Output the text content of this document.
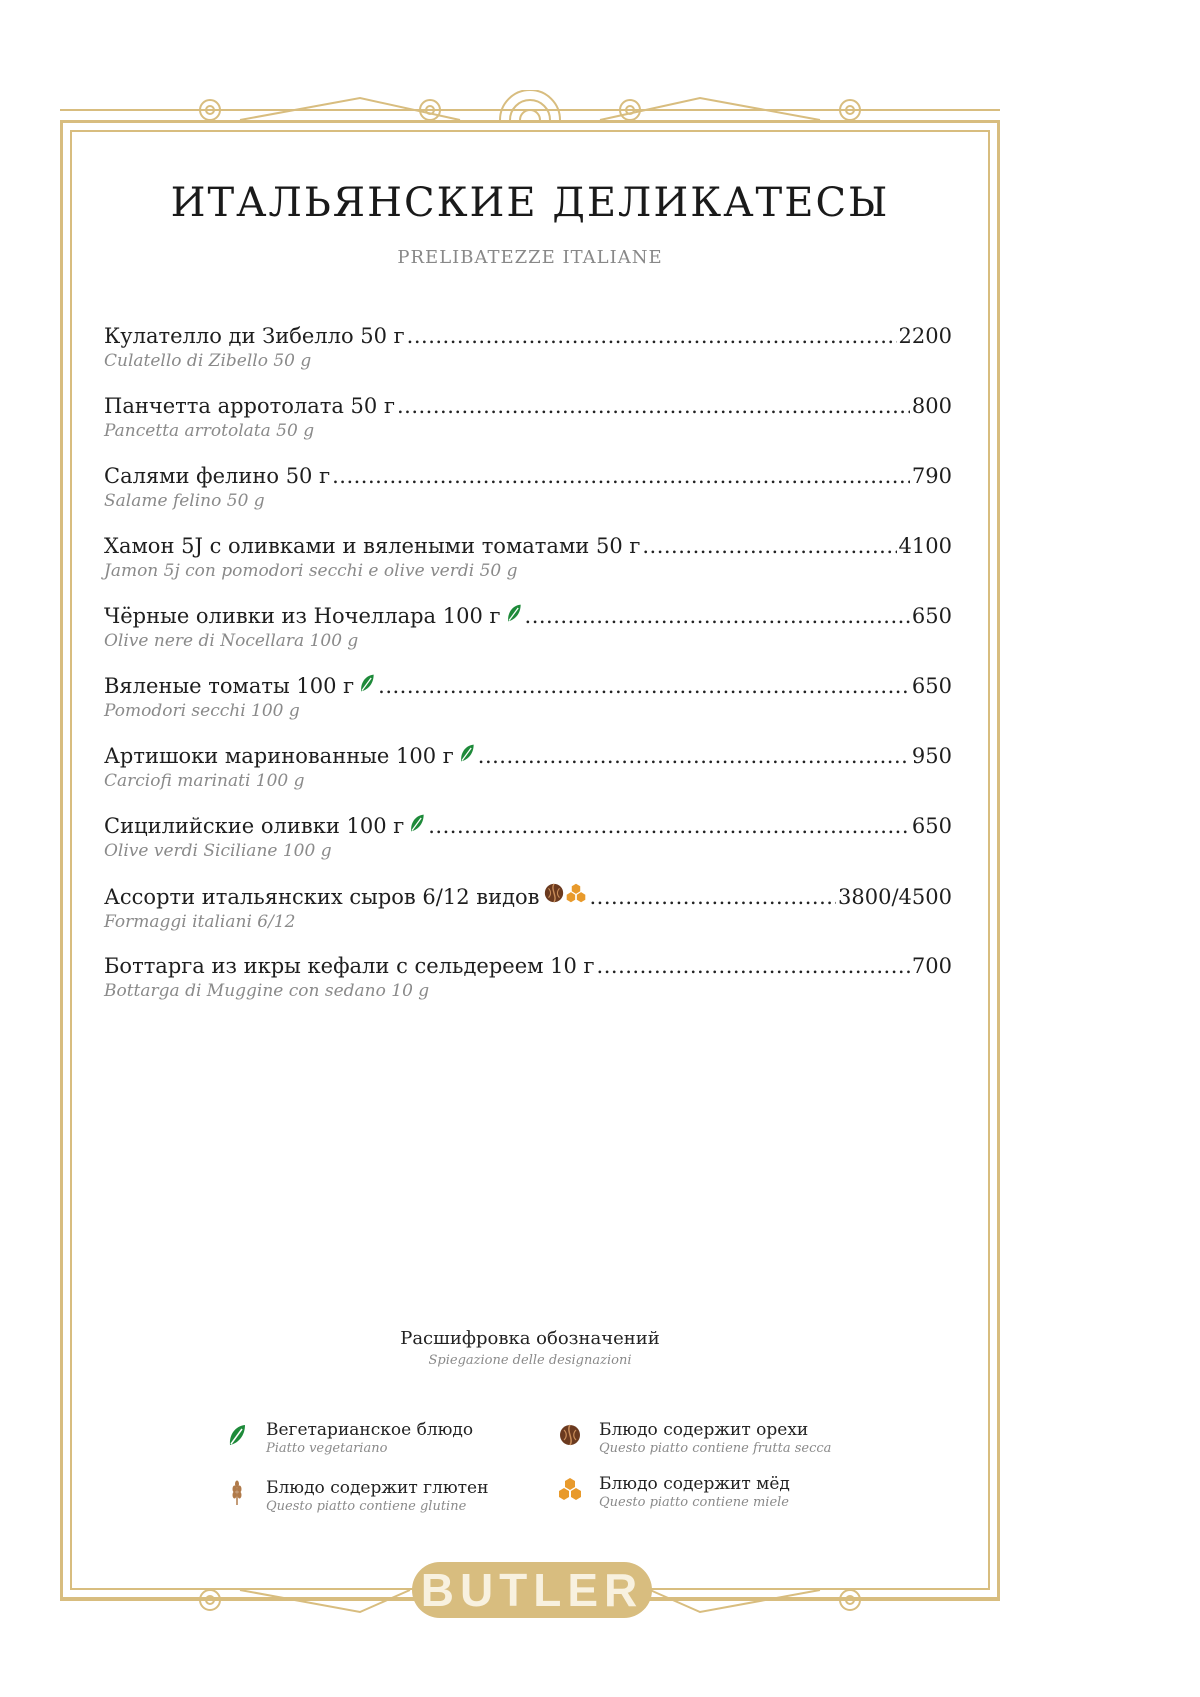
ИТАЛЬЯНСКИЕ ДЕЛИКАТЕСЫ
PRELIBATEZZE ITALIANE
Кулателло ди Зибелло 50 г .....	2200
Culatello di Zibello 50 g
Панчетта арротолата 50 г .....	800
Pancetta arrotolata 50 g
Салями фелино 50 г .....	790
Salame felino 50 g
Хамон 5J с оливками и вялеными томатами 50 г .....	4100
Jamon 5j con pomodori secchi e olive verdi 50 g
Чёрные оливки из Ночеллара 100 г .....	650
Olive nere di Nocellara 100 g
Вяленые томаты 100 г .....	650
Pomodori secchi 100 g
Артишоки маринованные 100 г .....	950
Carciofi marinati 100 g
Сицилийские оливки 100 г .....	650
Olive verdi Siciliane 100 g
Ассорти итальянских сыров 6/12 видов .....	3800/4500
Formaggi italiani 6/12
Боттарга из икры кефали с сельдереем 10 г .....	700
Bottarga di Muggine con sedano 10 g
Расшифровка обозначений
Spiegazione delle designazioni
Вегетарианское блюдо
Piatto vegetariano
Блюдо содержит глютен
Questo piatto contiene glutine
Блюдо содержит орехи
Questo piatto contiene frutta secca
Блюдо содержит мёд
Questo piatto contiene miele
BUTLER
